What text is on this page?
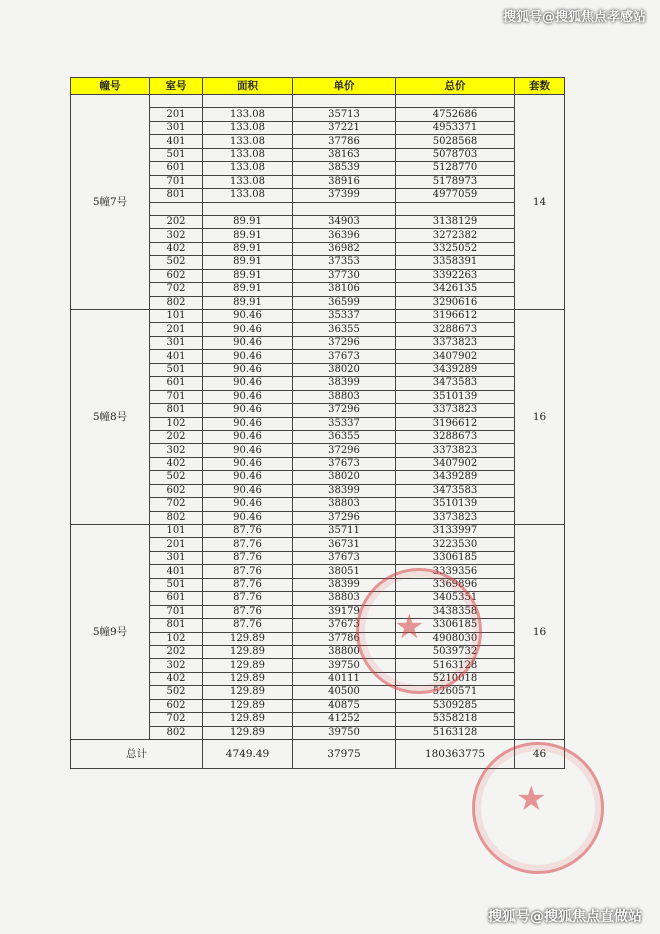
搜狐号@搜狐焦点孝感站
幢号	室号	面积	单价	总价	套数
5幢7号					14
	201	133.08	35713	4752686	
	301	133.08	37221	4953371	
	401	133.08	37786	5028568	
	501	133.08	38163	5078703	
	601	133.08	38539	5128770	
	701	133.08	38916	5178973	
	801	133.08	37399	4977059	

	202	89.91	34903	3138129	
	302	89.91	36396	3272382	
	402	89.91	36982	3325052	
	502	89.91	37353	3358391	
	602	89.91	37730	3392263	
	702	89.91	38106	3426135	
	802	89.91	36599	3290616	
5幢8号	101	90.46	35337	3196612	16
	201	90.46	36355	3288673	
	301	90.46	37296	3373823	
	401	90.46	37673	3407902	
	501	90.46	38020	3439289	
	601	90.46	38399	3473583	
	701	90.46	38803	3510139	
	801	90.46	37296	3373823	
	102	90.46	35337	3196612	
	202	90.46	36355	3288673	
	302	90.46	37296	3373823	
	402	90.46	37673	3407902	
	502	90.46	38020	3439289	
	602	90.46	38399	3473583	
	702	90.46	38803	3510139	
	802	90.46	37296	3373823	
5幢9号	101	87.76	35711	3133997	16
	201	87.76	36731	3223530	
	301	87.76	37673	3306185	
	401	87.76	38051	3339356	
	501	87.76	38399	3369896	
	601	87.76	38803	3405351	
	701	87.76	39179	3438358	
	801	87.76	37673	3306185	
	102	129.89	37786	4908030	
	202	129.89	38800	5039732	
	302	129.89	39750	5163128	
	402	129.89	40111	5210018	
	502	129.89	40500	5260571	
	602	129.89	40875	5309285	
	702	129.89	41252	5358218	
	802	129.89	39750	5163128	
总计		4749.49	37975	180363775	46
★
★
搜狐号@搜狐焦点直做站
